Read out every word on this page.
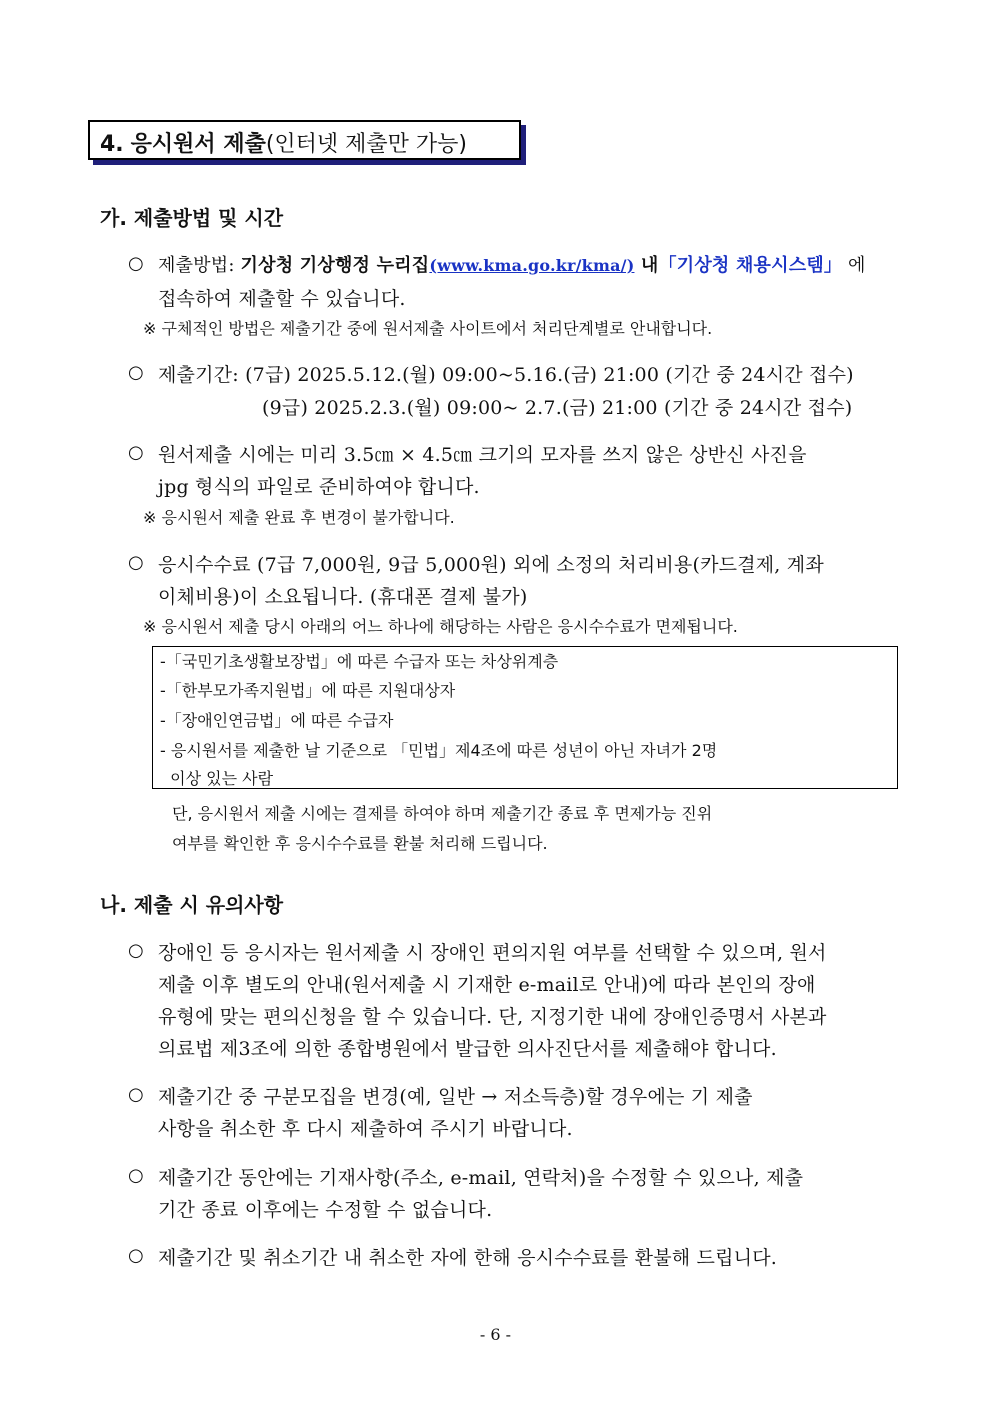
4. 응시원서 제출(인터넷 제출만 가능)
가. 제출방법 및 시간
○ 제출방법: 기상청 기상행정 누리집(www.kma.go.kr/kma/) 내「기상청 채용시스템」 에
접속하여 제출할 수 있습니다.
※ 구체적인 방법은 제출기간 중에 원서제출 사이트에서 처리단계별로 안내합니다.
○ 제출기간: (7급) 2025.5.12.(월) 09:00~5.16.(금) 21:00 (기간 중 24시간 접수)
(9급) 2025.2.3.(월) 09:00~ 2.7.(금) 21:00 (기간 중 24시간 접수)
○ 원서제출 시에는 미리 3.5㎝ × 4.5㎝ 크기의 모자를 쓰지 않은 상반신 사진을
jpg 형식의 파일로 준비하여야 합니다.
※ 응시원서 제출 완료 후 변경이 불가합니다.
○ 응시수수료 (7급 7,000원, 9급 5,000원) 외에 소정의 처리비용(카드결제, 계좌
이체비용)이 소요됩니다. (휴대폰 결제 불가)
※ 응시원서 제출 당시 아래의 어느 하나에 해당하는 사람은 응시수수료가 면제됩니다.
-「국민기초생활보장법」에 따른 수급자 또는 차상위계층
-「한부모가족지원법」에 따른 지원대상자
-「장애인연금법」에 따른 수급자
- 응시원서를 제출한 날 기준으로 「민법」제4조에 따른 성년이 아닌 자녀가 2명
이상 있는 사람
단, 응시원서 제출 시에는 결제를 하여야 하며 제출기간 종료 후 면제가능 진위
여부를 확인한 후 응시수수료를 환불 처리해 드립니다.
나. 제출 시 유의사항
○ 장애인 등 응시자는 원서제출 시 장애인 편의지원 여부를 선택할 수 있으며, 원서
제출 이후 별도의 안내(원서제출 시 기재한 e-mail로 안내)에 따라 본인의 장애
유형에 맞는 편의신청을 할 수 있습니다. 단, 지정기한 내에 장애인증명서 사본과
의료법 제3조에 의한 종합병원에서 발급한 의사진단서를 제출해야 합니다.
○ 제출기간 중 구분모집을 변경(예, 일반 → 저소득층)할 경우에는 기 제출
사항을 취소한 후 다시 제출하여 주시기 바랍니다.
○ 제출기간 동안에는 기재사항(주소, e-mail, 연락처)을 수정할 수 있으나, 제출
기간 종료 이후에는 수정할 수 없습니다.
○ 제출기간 및 취소기간 내 취소한 자에 한해 응시수수료를 환불해 드립니다.
- 6 -
